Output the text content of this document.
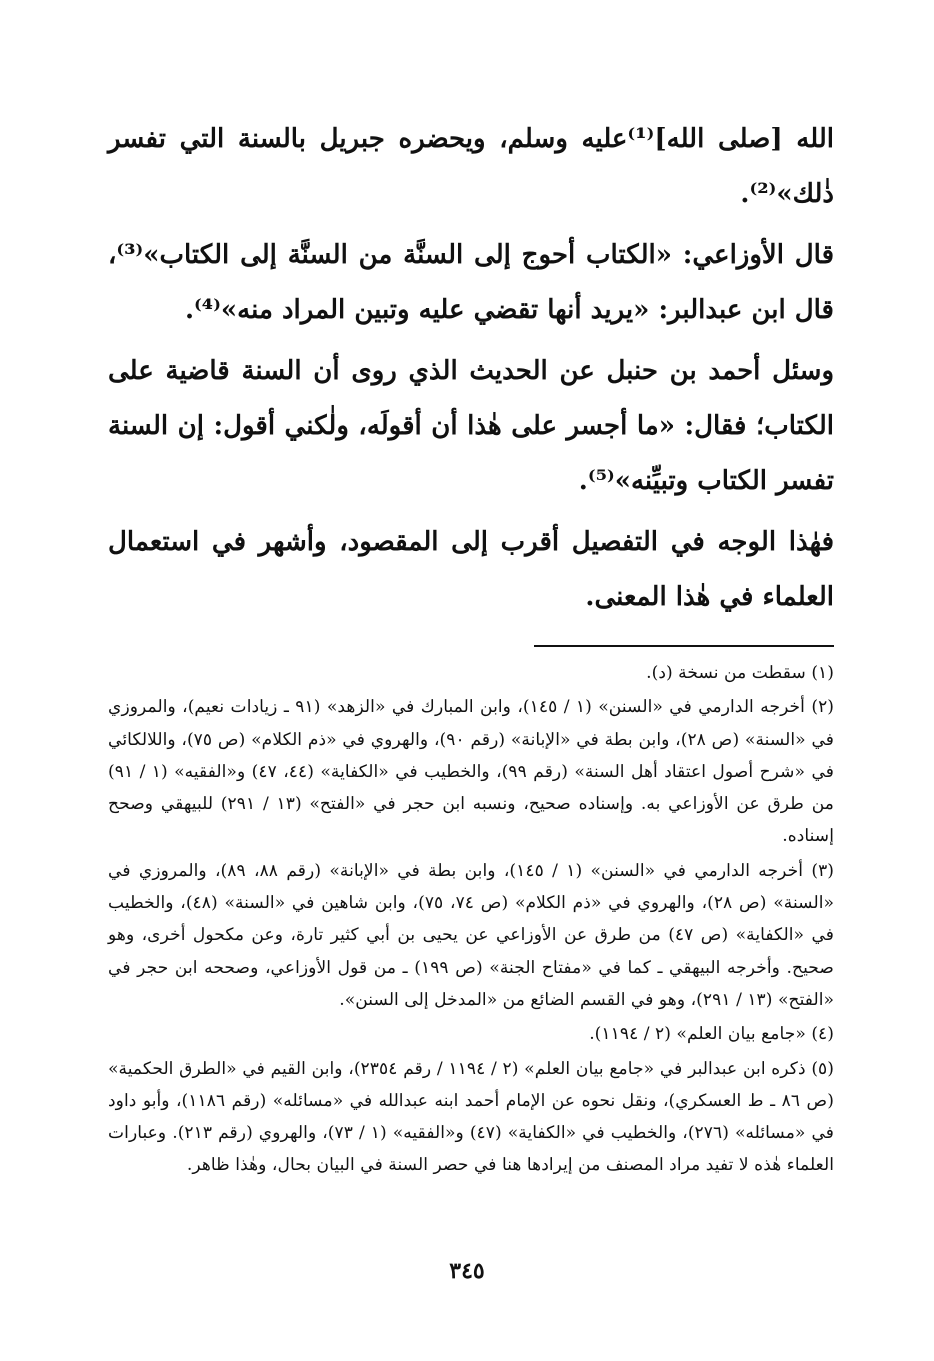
الله [صلى الله]⁽¹⁾عليه وسلم، ويحضره جبريل بالسنة التي تفسر ذٰلك»⁽²⁾.

قال الأوزاعي: «الكتاب أحوج إلى السنَّة من السنَّة إلى الكتاب»⁽³⁾، قال ابن عبدالبر: «يريد أنها تقضي عليه وتبين المراد منه»⁽⁴⁾.

وسئل أحمد بن حنبل عن الحديث الذي روى أن السنة قاضية على الكتاب؛ فقال: «ما أجسر على هٰذا أن أقولَه، ولٰكني أقول: إن السنة تفسر الكتاب وتبيِّنه»⁽⁵⁾.

فهٰذا الوجه في التفصيل أقرب إلى المقصود، وأشهر في استعمال العلماء في هٰذا المعنى.

(١) سقطت من نسخة (د).

(٢) أخرجه الدارمي في «السنن» (١ / ١٤٥)، وابن المبارك في «الزهد» (٩١ ـ زيادات نعيم)، والمروزي في «السنة» (ص ٢٨)، وابن بطة في «الإبانة» (رقم ٩٠)، والهروي في «ذم الكلام» (ص ٧٥)، واللالكائي في «شرح أصول اعتقاد أهل السنة» (رقم ٩٩)، والخطيب في «الكفاية» (٤٤، ٤٧) و«الفقيه» (١ / ٩١) من طرق عن الأوزاعي به. وإسناده صحيح، ونسبه ابن حجر في «الفتح» (١٣ / ٢٩١) للبيهقي وصحح إسناده.

(٣) أخرجه الدارمي في «السنن» (١ / ١٤٥)، وابن بطة في «الإبانة» (رقم ٨٨، ٨٩)، والمروزي في «السنة» (ص ٢٨)، والهروي في «ذم الكلام» (ص ٧٤، ٧٥)، وابن شاهين في «السنة» (٤٨)، والخطيب في «الكفاية» (ص ٤٧) من طرق عن الأوزاعي عن يحيى بن أبي كثير تارة، وعن مكحول أخرى، وهو صحيح. وأخرجه البيهقي ـ كما في «مفتاح الجنة» (ص ١٩٩) ـ من قول الأوزاعي، وصححه ابن حجر في «الفتح» (١٣ / ٢٩١)، وهو في القسم الضائع من «المدخل إلى السنن».

(٤) «جامع بيان العلم» (٢ / ١١٩٤).

(٥) ذكره ابن عبدالبر في «جامع بيان العلم» (٢ / ١١٩٤ / رقم ٢٣٥٤)، وابن القيم في «الطرق الحكمية» (ص ٨٦ ـ ط العسكري)، ونقل نحوه عن الإمام أحمد ابنه عبدالله في «مسائله» (رقم ١١٨٦)، وأبو داود في «مسائله» (٢٧٦)، والخطيب في «الكفاية» (٤٧) و«الفقيه» (١ / ٧٣)، والهروي (رقم ٢١٣). وعبارات العلماء هٰذه لا تفيد مراد المصنف من إيرادها هنا في حصر السنة في البيان بحال، وهٰذا ظاهر.

٣٤٥
